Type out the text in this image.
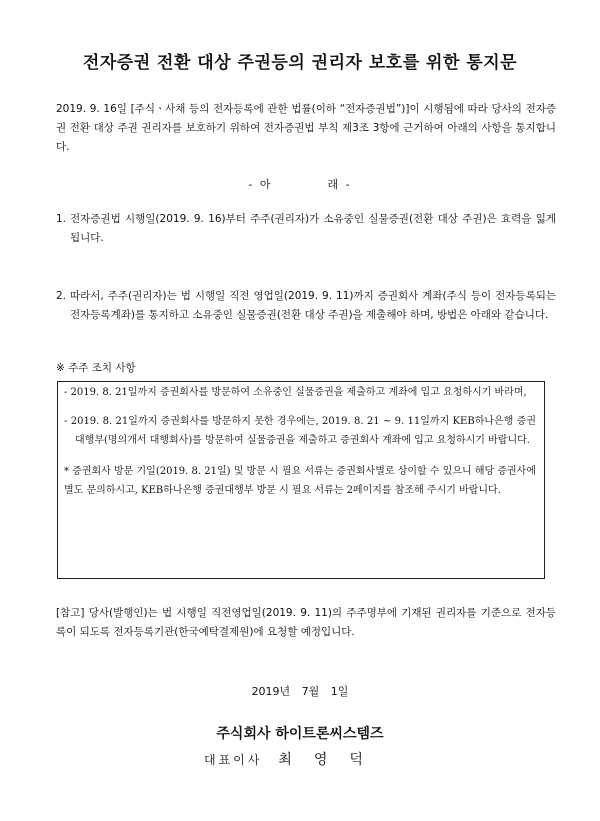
전자증권 전환 대상 주권등의 권리자 보호를 위한 통지문
2019. 9. 16일 [주식ㆍ사채 등의 전자등록에 관한 법률(이하 “전자증권법”)]이 시행됨에 따라 당사의 전자증권 전환 대상 주권 권리자를 보호하기 위하여 전자증권법 부칙 제3조 3항에 근거하여 아래의 사항을 통지합니다.
- 아          래 -
1. 전자증권법 시행일(2019. 9. 16)부터 주주(권리자)가 소유중인 실물증권(전환 대상 주권)은 효력을 잃게 됩니다.
2. 따라서, 주주(권리자)는 법 시행일 직전 영업일(2019. 9. 11)까지 증권회사 계좌(주식 등이 전자등록되는 전자등록계좌)를 통지하고 소유중인 실물증권(전환 대상 주권)을 제출해야 하며, 방법은 아래와 같습니다.
※ 주주 조치 사항

- 2019. 8. 21일까지 증권회사를 방문하여 소유중인 실물증권을 제출하고 계좌에 입고 요청하시기 바라며,

- 2019. 8. 21일까지 증권회사를 방문하지 못한 경우에는, 2019. 8. 21 ~ 9. 11일까지 KEB하나은행 증권대행부(명의개서 대행회사)를 방문하여 실물증권을 제출하고 증권회사 계좌에 입고 요청하시기 바랍니다.

* 증권회사 방문 기일(2019. 8. 21일) 및 방문 시 필요 서류는 증권회사별로 상이할 수 있으니 해당 증권사에 별도 문의하시고, KEB하나은행 증권대행부 방문 시 필요 서류는 2페이지를 참조해 주시기 바랍니다.

[참고] 당사(발행인)는 법 시행일 직전영업일(2019. 9. 11)의 주주명부에 기재된 권리자를 기준으로 전자등록이 되도록 전자등록기관(한국예탁결제원)에 요청할 예정입니다.
2019년 7월 1일
주식회사 하이트론씨스템즈
대표이사 최영덕
